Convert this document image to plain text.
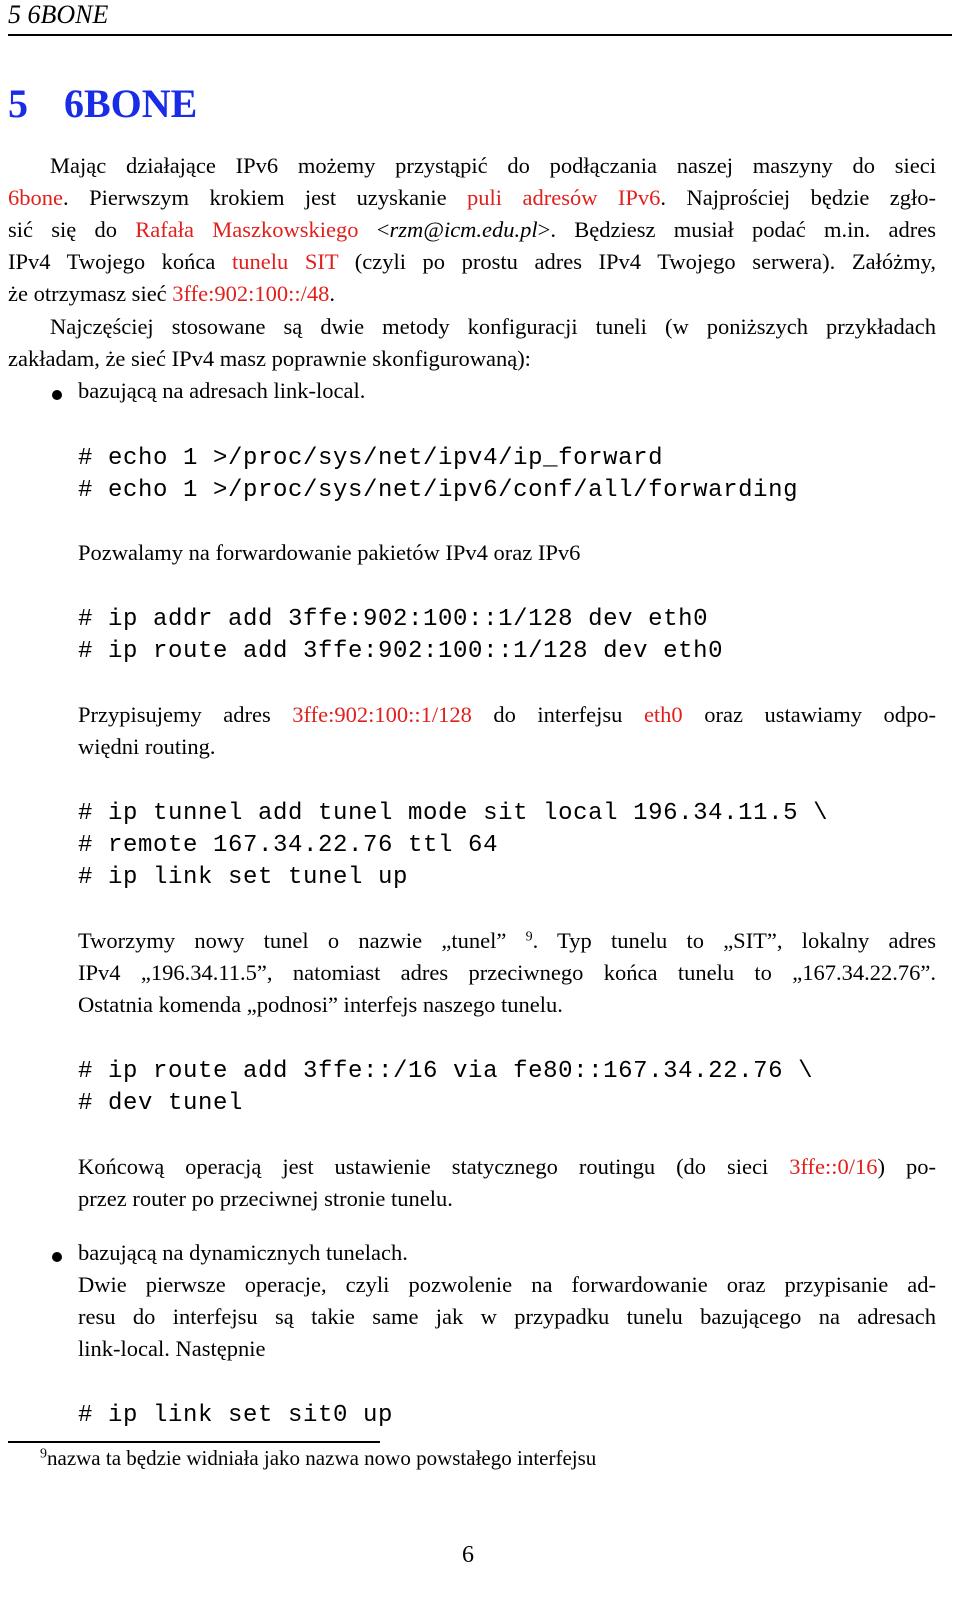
5 6BONE
5 6BONE
Mając działające IPv6 możemy przystąpić do podłączania naszej maszyny do sieci
6bone. Pierwszym krokiem jest uzyskanie puli adresów IPv6. Najprościej będzie zgło-
sić się do Rafała Maszkowskiego <rzm@icm.edu.pl>. Będziesz musiał podać m.in. adres
IPv4 Twojego końca tunelu SIT (czyli po prostu adres IPv4 Twojego serwera). Załóżmy,
że otrzymasz sieć 3ffe:902:100::/48.
Najczęściej stosowane są dwie metody konfiguracji tuneli (w poniższych przykładach
zakładam, że sieć IPv4 masz poprawnie skonfigurowaną):
bazującą na adresach link-local.
# echo 1 >/proc/sys/net/ipv4/ip_forward
# echo 1 >/proc/sys/net/ipv6/conf/all/forwarding
Pozwalamy na forwardowanie pakietów IPv4 oraz IPv6
# ip addr add 3ffe:902:100::1/128 dev eth0
# ip route add 3ffe:902:100::1/128 dev eth0
Przypisujemy adres 3ffe:902:100::1/128 do interfejsu eth0 oraz ustawiamy odpo-
więdni routing.
# ip tunnel add tunel mode sit local 196.34.11.5 \
# remote 167.34.22.76 ttl 64
# ip link set tunel up
Tworzymy nowy tunel o nazwie „tunel” $^9$. Typ tunelu to „SIT”, lokalny adres
IPv4 „196.34.11.5”, natomiast adres przeciwnego końca tunelu to „167.34.22.76”.
Ostatnia komenda „podnosi” interfejs naszego tunelu.
# ip route add 3ffe::/16 via fe80::167.34.22.76 \
# dev tunel
Końcową operacją jest ustawienie statycznego routingu (do sieci 3ffe::0/16) po-
przez router po przeciwnej stronie tunelu.
bazującą na dynamicznych tunelach.
Dwie pierwsze operacje, czyli pozwolenie na forwardowanie oraz przypisanie ad-
resu do interfejsu są takie same jak w przypadku tunelu bazującego na adresach
link-local. Następnie
# ip link set sit0 up
$^9$nazwa ta będzie widniała jako nazwa nowo powstałego interfejsu
6
